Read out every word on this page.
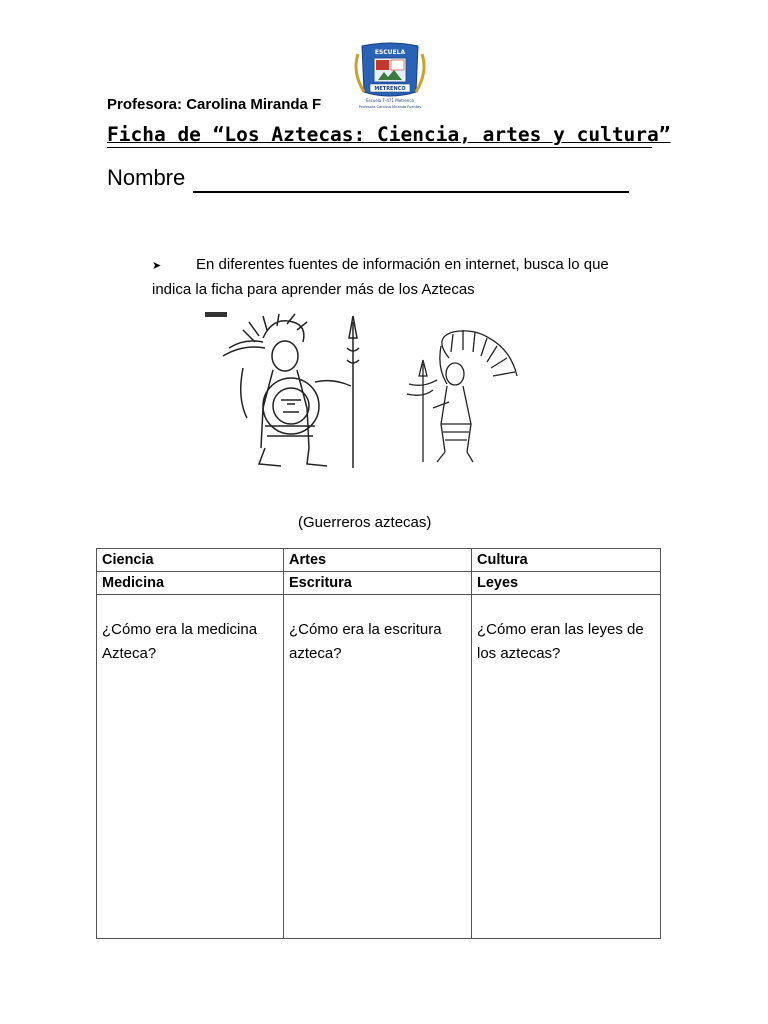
ESCUELA
METRENCO
Escuela F-471 Metrenco
Profesora Carolina Miranda Fuentes
Profesora: Carolina Miranda F
Ficha de “Los Aztecas: Ciencia, artes y cultura”
Nombre
➤ En diferentes fuentes de información en internet, busca lo que indica la ficha para aprender más de los Aztecas
(Guerreros aztecas)
Ciencia	Artes	Cultura
Medicina	Escritura	Leyes
¿Cómo era la medicina Azteca?	¿Cómo era la escritura azteca?	¿Cómo eran las leyes de los aztecas?
